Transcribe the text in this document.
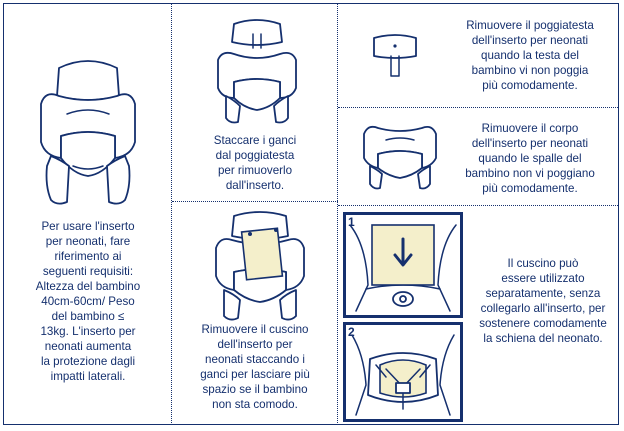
Per usare l'inserto
per neonati, fare
riferimento ai
seguenti requisiti:
Altezza del bambino
40cm-60cm/ Peso
del bambino ≤
13kg. L'inserto per
neonati aumenta
la protezione dagli
impatti laterali.
Staccare i ganci
dal poggiatesta
per rimuoverlo
dall'inserto.
Rimuovere il cuscino
dell'inserto per
neonati staccando i
ganci per lasciare più
spazio se il bambino
non sta comodo.
Rimuovere il poggiatesta
dell'inserto per neonati
quando la testa del
bambino vi non poggia
più comodamente.
Rimuovere il corpo
dell'inserto per neonati
quando le spalle del
bambino non vi poggiano
più comodamente.
1
2
Il cuscino può
essere utilizzato
separatamente, senza
collegarlo all'inserto, per
sostenere comodamente
la schiena del neonato.
